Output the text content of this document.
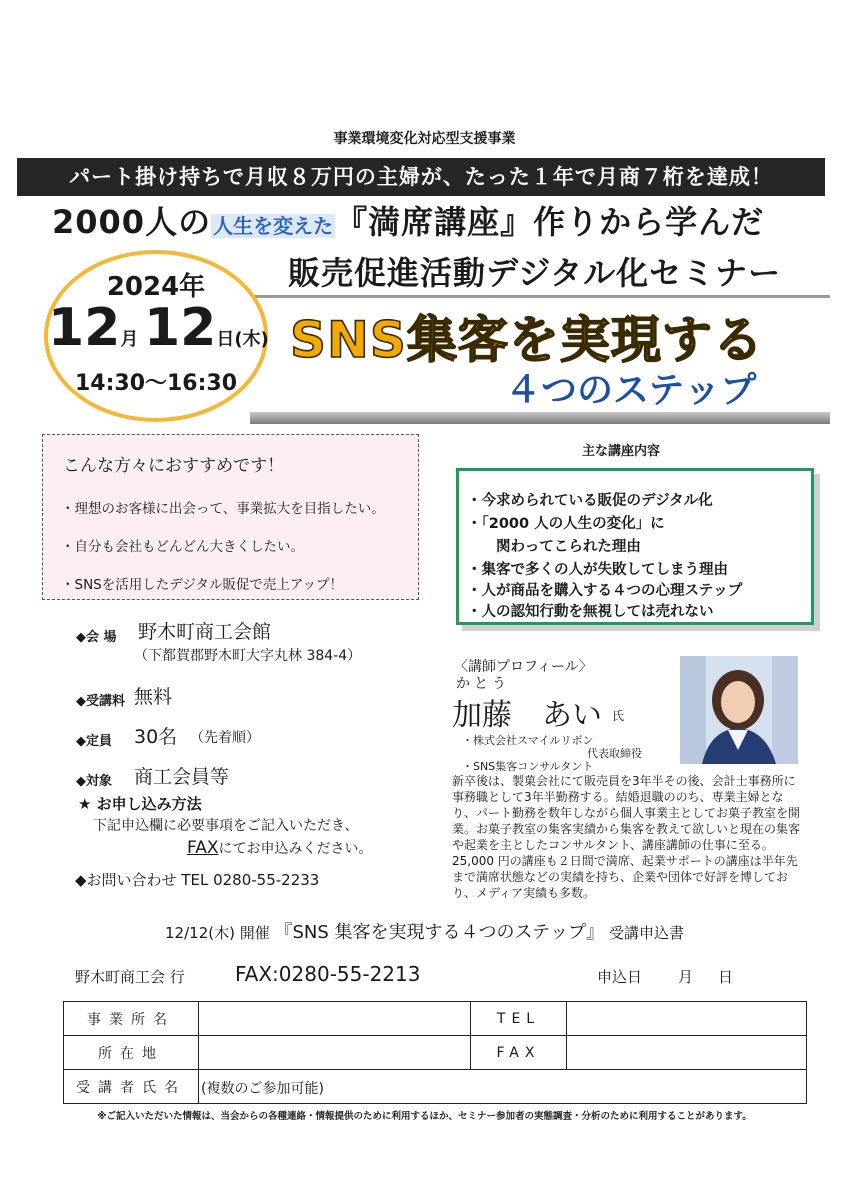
事業環境変化対応型支援事業
パート掛け持ちで月収８万円の主婦が、たった１年で月商７桁を達成！
2000人の 人生を変えた『満席講座』作りから学んだ
販売促進活動デジタル化セミナー
SNS集客を実現する
４つのステップ
2024年
12月 12日(木)
14:30〜16:30
こんな方々におすすめです！
・理想のお客様に出会って、事業拡大を目指したい。
・自分も会社もどんどん大きくしたい。
・SNSを活用したデジタル販促で売上アップ！
主な講座内容
・今求められている販促のデジタル化
・「2000 人の人生の変化」に
　　関わってこられた理由
・集客で多くの人が失敗してしまう理由
・人が商品を購入する４つの心理ステップ
・人の認知行動を無視しては売れない
◆会 場 野木町商工会館
（下都賀郡野木町大字丸林 384-4）
◆受講料 無料
◆定員 30名 （先着順）
◆対象 商工会員等
★ お申し込み方法
下記申込欄に必要事項をご記入いただき、
FAXにてお申込みください。
◆お問い合わせ TEL 0280-55-2233
〈講師プロフィール〉
かとう
加藤　あい 氏
・株式会社スマイルリボン
代表取締役
・SNS集客コンサルタント
新卒後は、製菓会社にて販売員を3年半その後、会計士事務所に事務職として3年半勤務する。結婚退職ののち、専業主婦となり、パート勤務を数年しながら個人事業主としてお菓子教室を開業。お菓子教室の集客実績から集客を教えて欲しいと現在の集客や起業を主としたコンサルタント、講座講師の仕事に至る。25,000 円の講座も２日間で満席、起業サポートの講座は半年先まで満席状態などの実績を持ち、企業や団体で好評を博しており、メディア実績も多数。
12/12(木) 開催 『SNS 集客を実現する４つのステップ』 受講申込書
野木町商工会 行	FAX:0280-55-2213	申込日 月 日
事業所名		TEL	
所在地		FAX	
受講者氏名	(複数のご参加可能)		
※ご記入いただいた情報は、当会からの各種連絡・情報提供のために利用するほか、セミナー参加者の実態調査・分析のために利用することがあります。
